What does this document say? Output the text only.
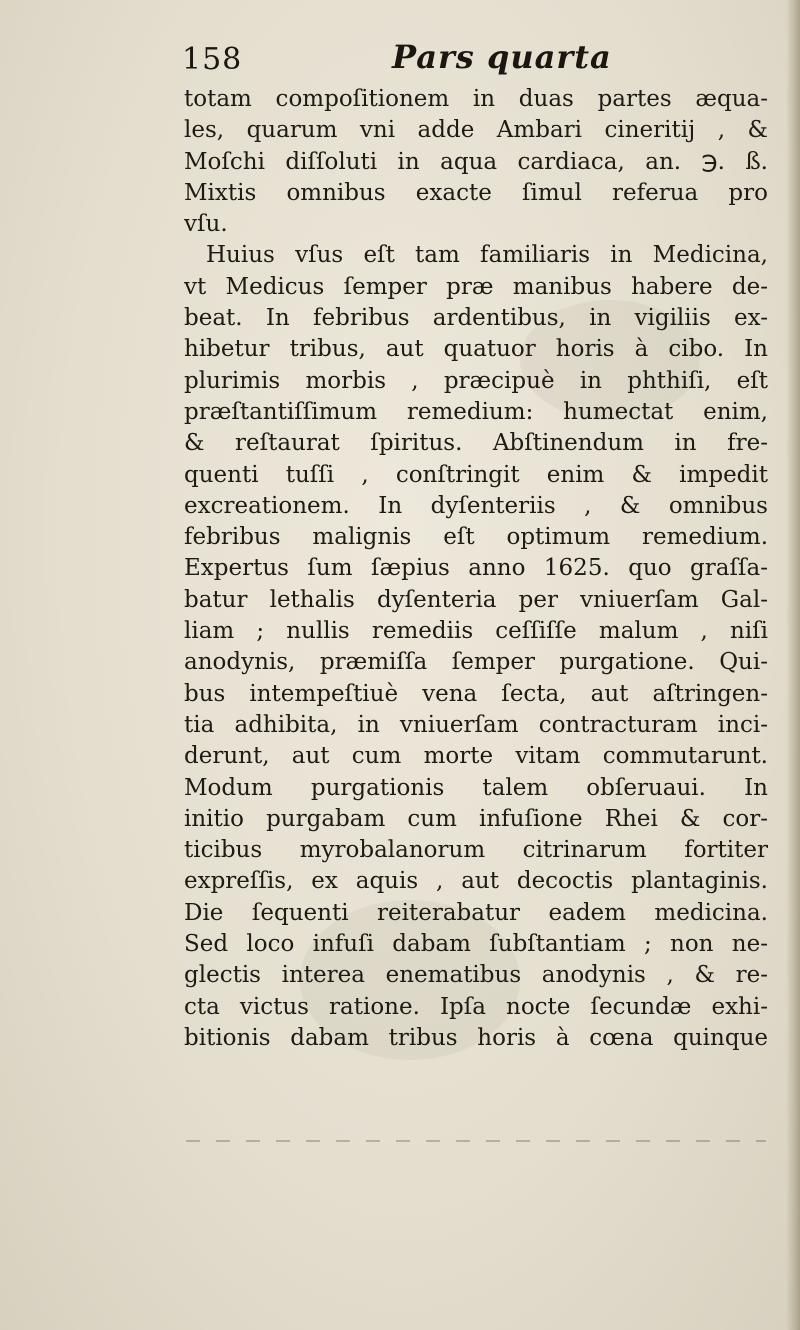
158	Pars quarta
totam compoſitionem in duas partes æqua-
les, quarum vni adde Ambari cineritij , &
Moſchi diſſoluti in aqua cardiaca, an. ℈. ß.
Mixtis omnibus exacte ſimul referua pro
vſu.
Huius vſus eſt tam familiaris in Medicina,
vt Medicus ſemper præ manibus habere de-
beat. In febribus ardentibus, in vigiliis ex-
hibetur tribus, aut quatuor horis à cibo. In
plurimis morbis , præcipuè in phthiſi, eſt
præſtantiſſimum remedium: humectat enim,
& reſtaurat ſpiritus. Abſtinendum in fre-
quenti tuſſi , conſtringit enim & impedit
excreationem. In dyſenteriis , & omnibus
febribus malignis eſt optimum remedium.
Expertus ſum ſæpius anno 1625. quo graſſa-
batur lethalis dyſenteria per vniuerſam Gal-
liam ; nullis remediis ceſſiſſe malum , niſi
anodynis, præmiſſa ſemper purgatione. Qui-
bus intempeſtiuè vena ſecta, aut aſtringen-
tia adhibita, in vniuerſam contracturam inci-
derunt, aut cum morte vitam commutarunt.
Modum purgationis talem obſeruaui. In
initio purgabam cum infuſione Rhei & cor-
ticibus myrobalanorum citrinarum fortiter
expreſſis, ex aquis , aut decoctis plantaginis.
Die ſequenti reiterabatur eadem medicina.
Sed loco infuſi dabam ſubſtantiam ; non ne-
glectis interea enematibus anodynis , & re-
cta victus ratione. Ipſa nocte ſecundæ exhi-
bitionis dabam tribus horis à cœna quinque
